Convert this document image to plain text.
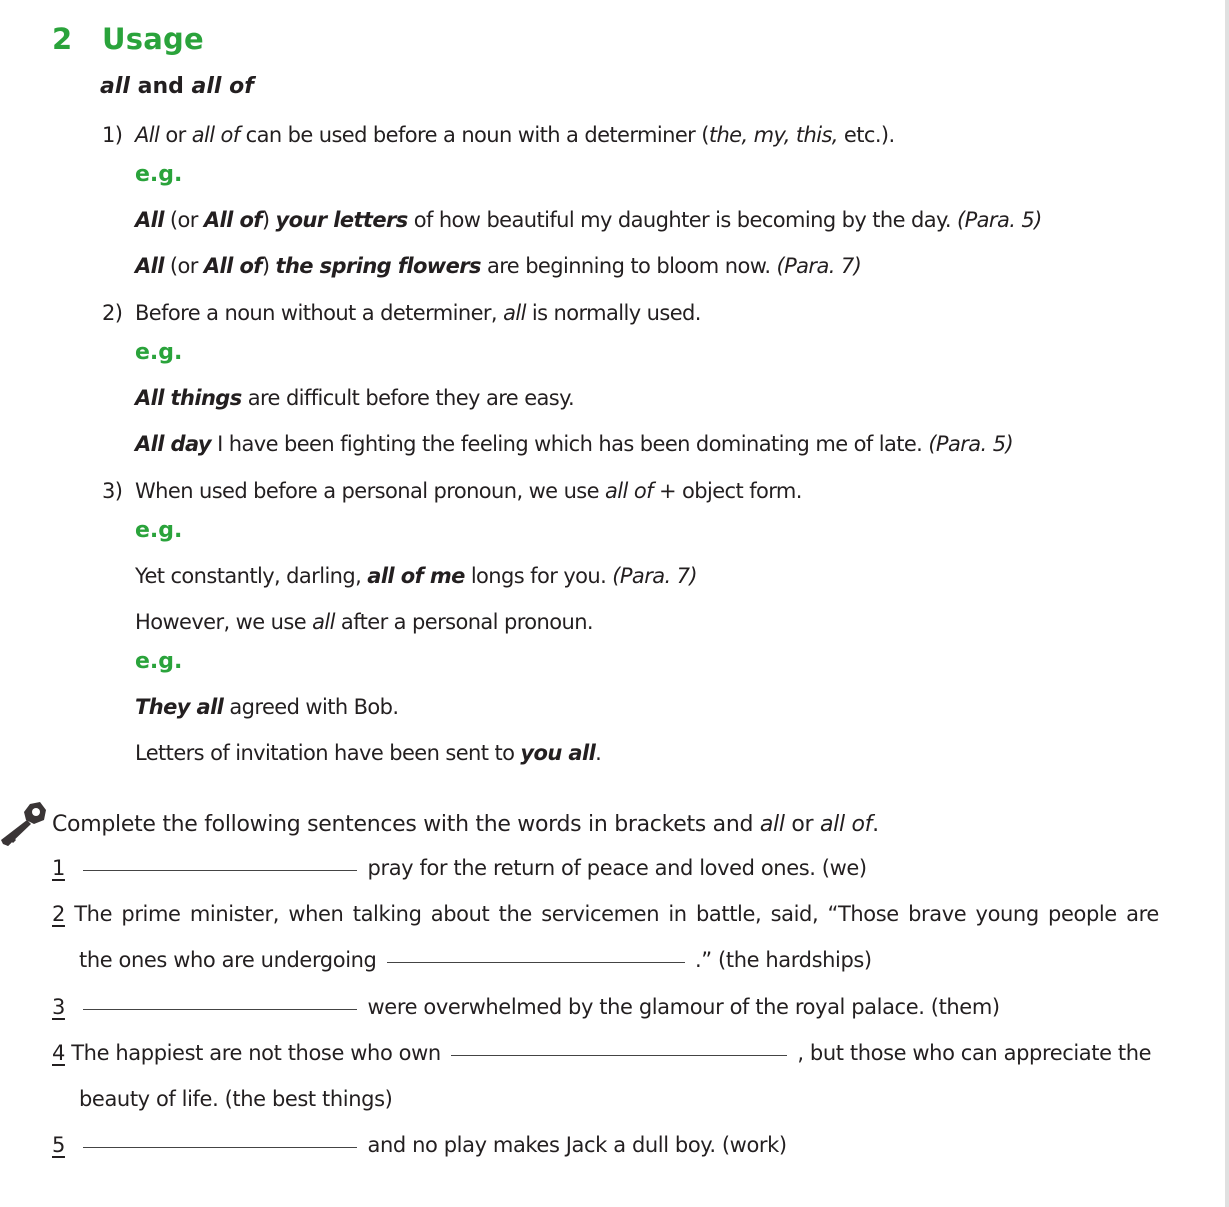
2 Usage
all and all of
1) All or all of can be used before a noun with a determiner (the, my, this, etc.).
e.g.
All (or All of) your letters of how beautiful my daughter is becoming by the day. (Para. 5)
All (or All of) the spring flowers are beginning to bloom now. (Para. 7)
2) Before a noun without a determiner, all is normally used.
e.g.
All things are difficult before they are easy.
All day I have been fighting the feeling which has been dominating me of late. (Para. 5)
3) When used before a personal pronoun, we use all of + object form.
e.g.
Yet constantly, darling, all of me longs for you. (Para. 7)
However, we use all after a personal pronoun.
e.g.
They all agreed with Bob.
Letters of invitation have been sent to you all.
Complete the following sentences with the words in brackets and all or all of.
1	pray for the return of peace and loved ones. (we)
2 The prime minister, when talking about the servicemen in battle, said, “Those brave young people are
the ones who are undergoing	.” (the hardships)
3	were overwhelmed by the glamour of the royal palace. (them)
4 The happiest are not those who own	, but those who can appreciate the
beauty of life. (the best things)
5	and no play makes Jack a dull boy. (work)
